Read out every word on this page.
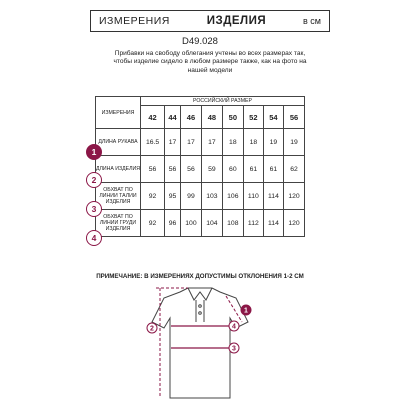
ИЗМЕРЕНИЯ	ИЗДЕЛИЯ	в см
D49.028
Прибавки на свободу облегания учтены во всех размерах так, чтобы изделие сидело в любом размере также, как на фото на нашей модели
ИЗМЕРЕНИЯ	РОССИЙСКИЙ РАЗМЕР							
	42	44	46	48	50	52	54	56
ДЛИНА РУКАВА	16.5	17	17	17	18	18	19	19
ДЛИНА ИЗДЕЛИЯ	56	56	56	59	60	61	61	62
ОБХВАТ ПО ЛИНИИ ТАЛИИ ИЗДЕЛИЯ	92	95	99	103	106	110	114	120
ОБХВАТ ПО ЛИНИИ ГРУДИ ИЗДЕЛИЯ	92	96	100	104	108	112	114	120
1
2
3
4
ПРИМЕЧАНИЕ: В ИЗМЕРЕНИЯХ ДОПУСТИМЫ ОТКЛОНЕНИЯ 1-2 СМ
2
1
4
3
